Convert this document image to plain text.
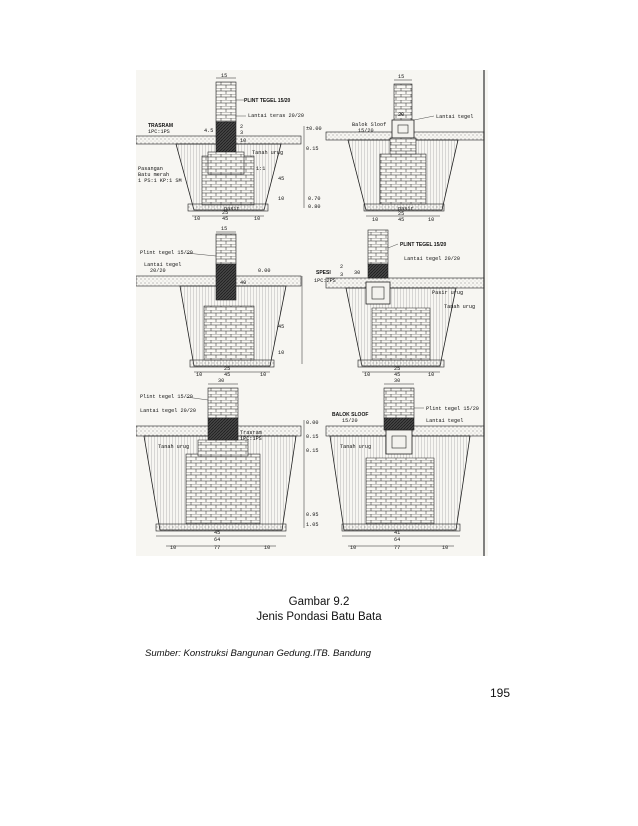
15
PLINT TEGEL 15/20
Lantai teras 20/20
TRASRAM
1PC:1PS
Pasangan
Batu merah
1 PS:1 KP:1 SM
Tanah urug
pasir
±0.00
0.15
0.70
0.80
45
10
25
45
10	10
1:1
2
3
10
4.5
15
Lantai tegel
Balok Sloof
15/20
20
pasir
25
45
10	10
15
Plint tegel 15/20
Lantai tegel
20/20	0.00
40
45
10
25
45
10	10
SPESI
1PC:2PS
PLINT TEGEL 15/20
Lantai tegel 20/20
Pasir urug
Tanah urug
30
2
3
25
45
10	10
30
Plint tegel 15/20
Lantai tegel 20/20
Trasram
1PC:1PS
Tanah urug
0.00
0.15
0.15
0.95
1.05
45
64
77
10	10
30
BALOK SLOOF
15/20
Plint tegel 15/20
Lantai tegel
Tanah urug
41
64
77
10	10
Gambar 9.2
Jenis Pondasi Batu Bata
Sumber: Konstruksi Bangunan Gedung.ITB. Bandung
195
